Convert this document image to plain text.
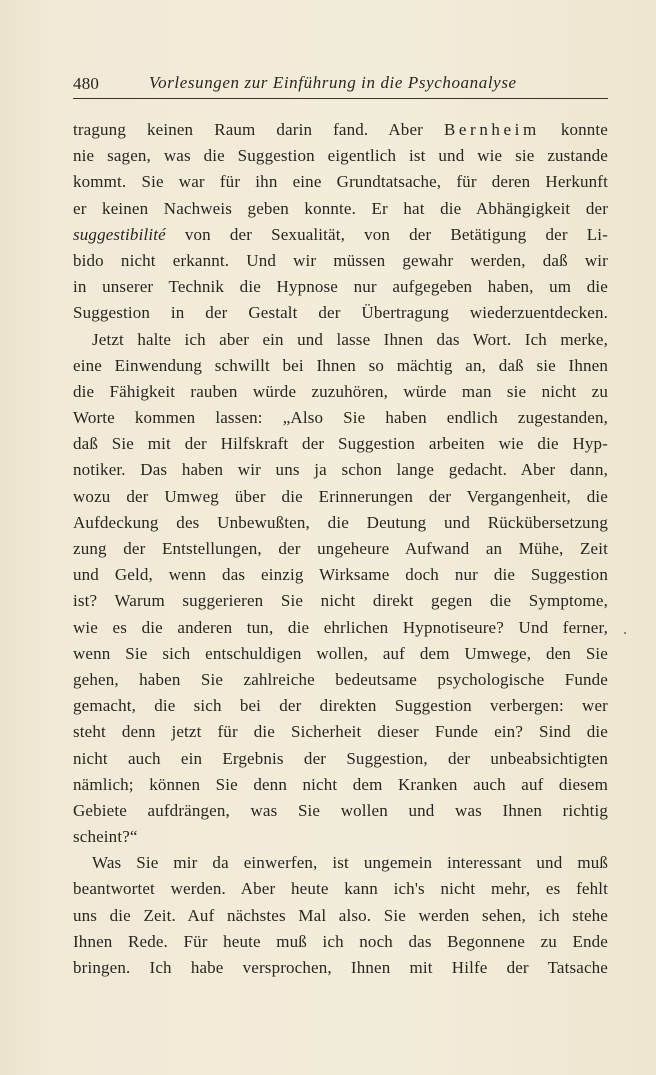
480	Vorlesungen zur Einführung in die Psychoanalyse
tragung keinen Raum darin fand. Aber Bernheim konnte
nie sagen, was die Suggestion eigentlich ist und wie sie zustande
kommt. Sie war für ihn eine Grundtatsache, für deren Herkunft
er keinen Nachweis geben konnte. Er hat die Abhängigkeit der
suggestibilité von der Sexualität, von der Betätigung der Li-
bido nicht erkannt. Und wir müssen gewahr werden, daß wir
in unserer Technik die Hypnose nur aufgegeben haben, um die
Suggestion in der Gestalt der Übertragung wiederzuentdecken.
Jetzt halte ich aber ein und lasse Ihnen das Wort. Ich merke,
eine Einwendung schwillt bei Ihnen so mächtig an, daß sie Ihnen
die Fähigkeit rauben würde zuzuhören, würde man sie nicht zu
Worte kommen lassen: „Also Sie haben endlich zugestanden,
daß Sie mit der Hilfskraft der Suggestion arbeiten wie die Hyp-
notiker. Das haben wir uns ja schon lange gedacht. Aber dann,
wozu der Umweg über die Erinnerungen der Vergangenheit, die
Aufdeckung des Unbewußten, die Deutung und Rückübersetzung
zung der Entstellungen, der ungeheure Aufwand an Mühe, Zeit
und Geld, wenn das einzig Wirksame doch nur die Suggestion
ist? Warum suggerieren Sie nicht direkt gegen die Symptome,
wie es die anderen tun, die ehrlichen Hypnotiseure? Und ferner,
wenn Sie sich entschuldigen wollen, auf dem Umwege, den Sie
gehen, haben Sie zahlreiche bedeutsame psychologische Funde
gemacht, die sich bei der direkten Suggestion verbergen: wer
steht denn jetzt für die Sicherheit dieser Funde ein? Sind die
nicht auch ein Ergebnis der Suggestion, der unbeabsichtigten
nämlich; können Sie denn nicht dem Kranken auch auf diesem
Gebiete aufdrängen, was Sie wollen und was Ihnen richtig
scheint?“
Was Sie mir da einwerfen, ist ungemein interessant und muß
beantwortet werden. Aber heute kann ich's nicht mehr, es fehlt
uns die Zeit. Auf nächstes Mal also. Sie werden sehen, ich stehe
Ihnen Rede. Für heute muß ich noch das Begonnene zu Ende
bringen. Ich habe versprochen, Ihnen mit Hilfe der Tatsache
